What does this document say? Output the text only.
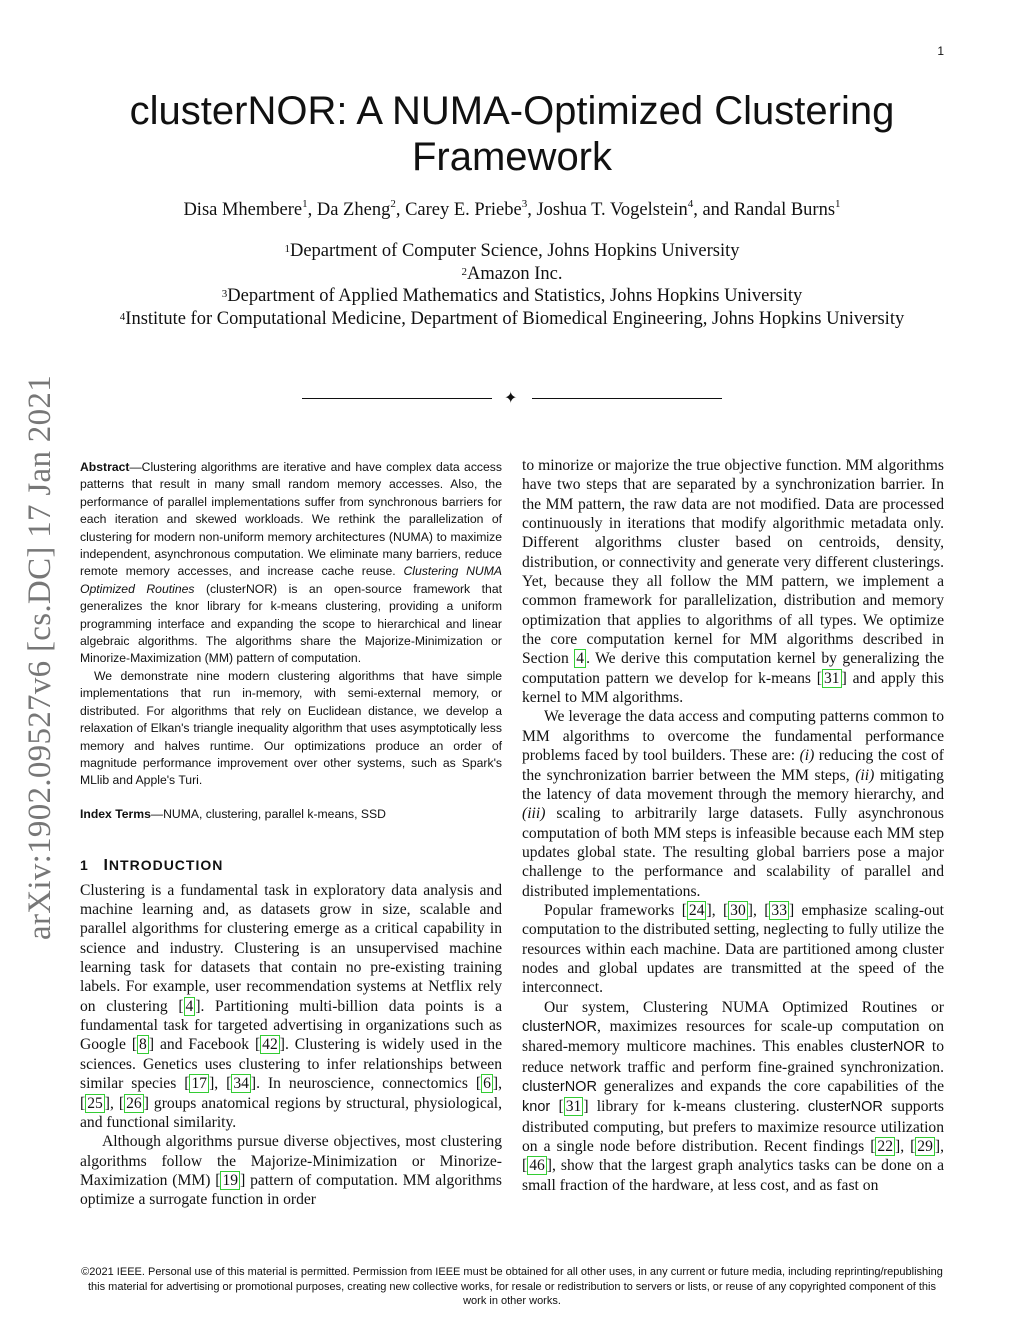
1
clusterNOR: A NUMA-Optimized Clustering Framework
Disa Mhembere$^1$, Da Zheng$^2$, Carey E. Priebe$^3$, Joshua T. Vogelstein$^4$, and Randal Burns$^1$
$^1$Department of Computer Science, Johns Hopkins University
$^2$Amazon Inc.
$^3$Department of Applied Mathematics and Statistics, Johns Hopkins University
$^4$Institute for Computational Medicine, Department of Biomedical Engineering, Johns Hopkins University
✦
arXiv:1902.09527v6 [cs.DC] 17 Jan 2021 Abstract—Clustering algorithms are iterative and have complex data access patterns that result in many small random memory accesses. Also, the performance of parallel implementations suffer from synchronous barriers for each iteration and skewed workloads. We rethink the parallelization of clustering for modern non-uniform memory architectures (NUMA) to maximize independent, asynchronous computation. We eliminate many barriers, reduce remote memory accesses, and increase cache reuse. Clustering NUMA Optimized Routines (clusterNOR) is an open-source framework that generalizes the knor library for k-means clustering, providing a uniform programming interface and expanding the scope to hierarchical and linear algebraic algorithms. The algorithms share the Majorize-Minimization or Minorize-Maximization (MM) pattern of computation.

We demonstrate nine modern clustering algorithms that have simple implementations that run in-memory, with semi-external memory, or distributed. For algorithms that rely on Euclidean distance, we develop a relaxation of Elkan's triangle inequality algorithm that uses asymptotically less memory and halves runtime. Our optimizations produce an order of magnitude performance improvement over other systems, such as Spark's MLlib and Apple's Turi.

Index Terms—NUMA, clustering, parallel k-means, SSD
1 INTRODUCTION

Clustering is a fundamental task in exploratory data analysis and machine learning and, as datasets grow in size, scalable and parallel algorithms for clustering emerge as a critical capability in science and industry. Clustering is an unsupervised machine learning task for datasets that contain no pre-existing training labels. For example, user recommendation systems at Netflix rely on clustering [ 4 ]. Partitioning multi-billion data points is a fundamental task for targeted advertising in organizations such as Google [ 8 ] and Facebook [ 42 ]. Clustering is widely used in the sciences. Genetics uses clustering to infer relationships between similar species [ 17 ], [ 34 ]. In neuroscience, connectomics [ 6 ], [ 25 ], [ 26 ] groups anatomical regions by structural, physiological, and functional similarity.

Although algorithms pursue diverse objectives, most clustering algorithms follow the Majorize-Minimization or Minorize-Maximization (MM) [ 19 ] pattern of computation. MM algorithms optimize a surrogate function in order

to minorize or majorize the true objective function. MM algorithms have two steps that are separated by a synchronization barrier. In the MM pattern, the raw data are not modified. Data are processed continuously in iterations that modify algorithmic metadata only. Different algorithms cluster based on centroids, density, distribution, or connectivity and generate very different clusterings. Yet, because they all follow the MM pattern, we implement a common framework for parallelization, distribution and memory optimization that applies to algorithms of all types. We optimize the core computation kernel for MM algorithms described in Section 4 . We derive this computation kernel by generalizing the computation pattern we develop for k-means [ 31 ] and apply this kernel to MM algorithms.

We leverage the data access and computing patterns common to MM algorithms to overcome the fundamental performance problems faced by tool builders. These are: (i) reducing the cost of the synchronization barrier between the MM steps, (ii) mitigating the latency of data movement through the memory hierarchy, and (iii) scaling to arbitrarily large datasets. Fully asynchronous computation of both MM steps is infeasible because each MM step updates global state. The resulting global barriers pose a major challenge to the performance and scalability of parallel and distributed implementations.

Popular frameworks [ 24 ], [ 30 ], [ 33 ] emphasize scaling-out computation to the distributed setting, neglecting to fully utilize the resources within each machine. Data are partitioned among cluster nodes and global updates are transmitted at the speed of the interconnect.

Our system, Clustering NUMA Optimized Routines or clusterNOR, maximizes resources for scale-up computation on shared-memory multicore machines. This enables clusterNOR to reduce network traffic and perform fine-grained synchronization. clusterNOR generalizes and expands the core capabilities of the knor [ 31 ] library for k-means clustering. clusterNOR supports distributed computing, but prefers to maximize resource utilization on a single node before distribution. Recent findings [ 22 ], [ 29 ], [ 46 ], show that the largest graph analytics tasks can be done on a small fraction of the hardware, at less cost, and as fast on

©2021 IEEE. Personal use of this material is permitted. Permission from IEEE must be obtained for all other uses, in any current or future media, including reprinting/republishing this material for advertising or promotional purposes, creating new collective works, for resale or redistribution to servers or lists, or reuse of any copyrighted component of this work in other works.
